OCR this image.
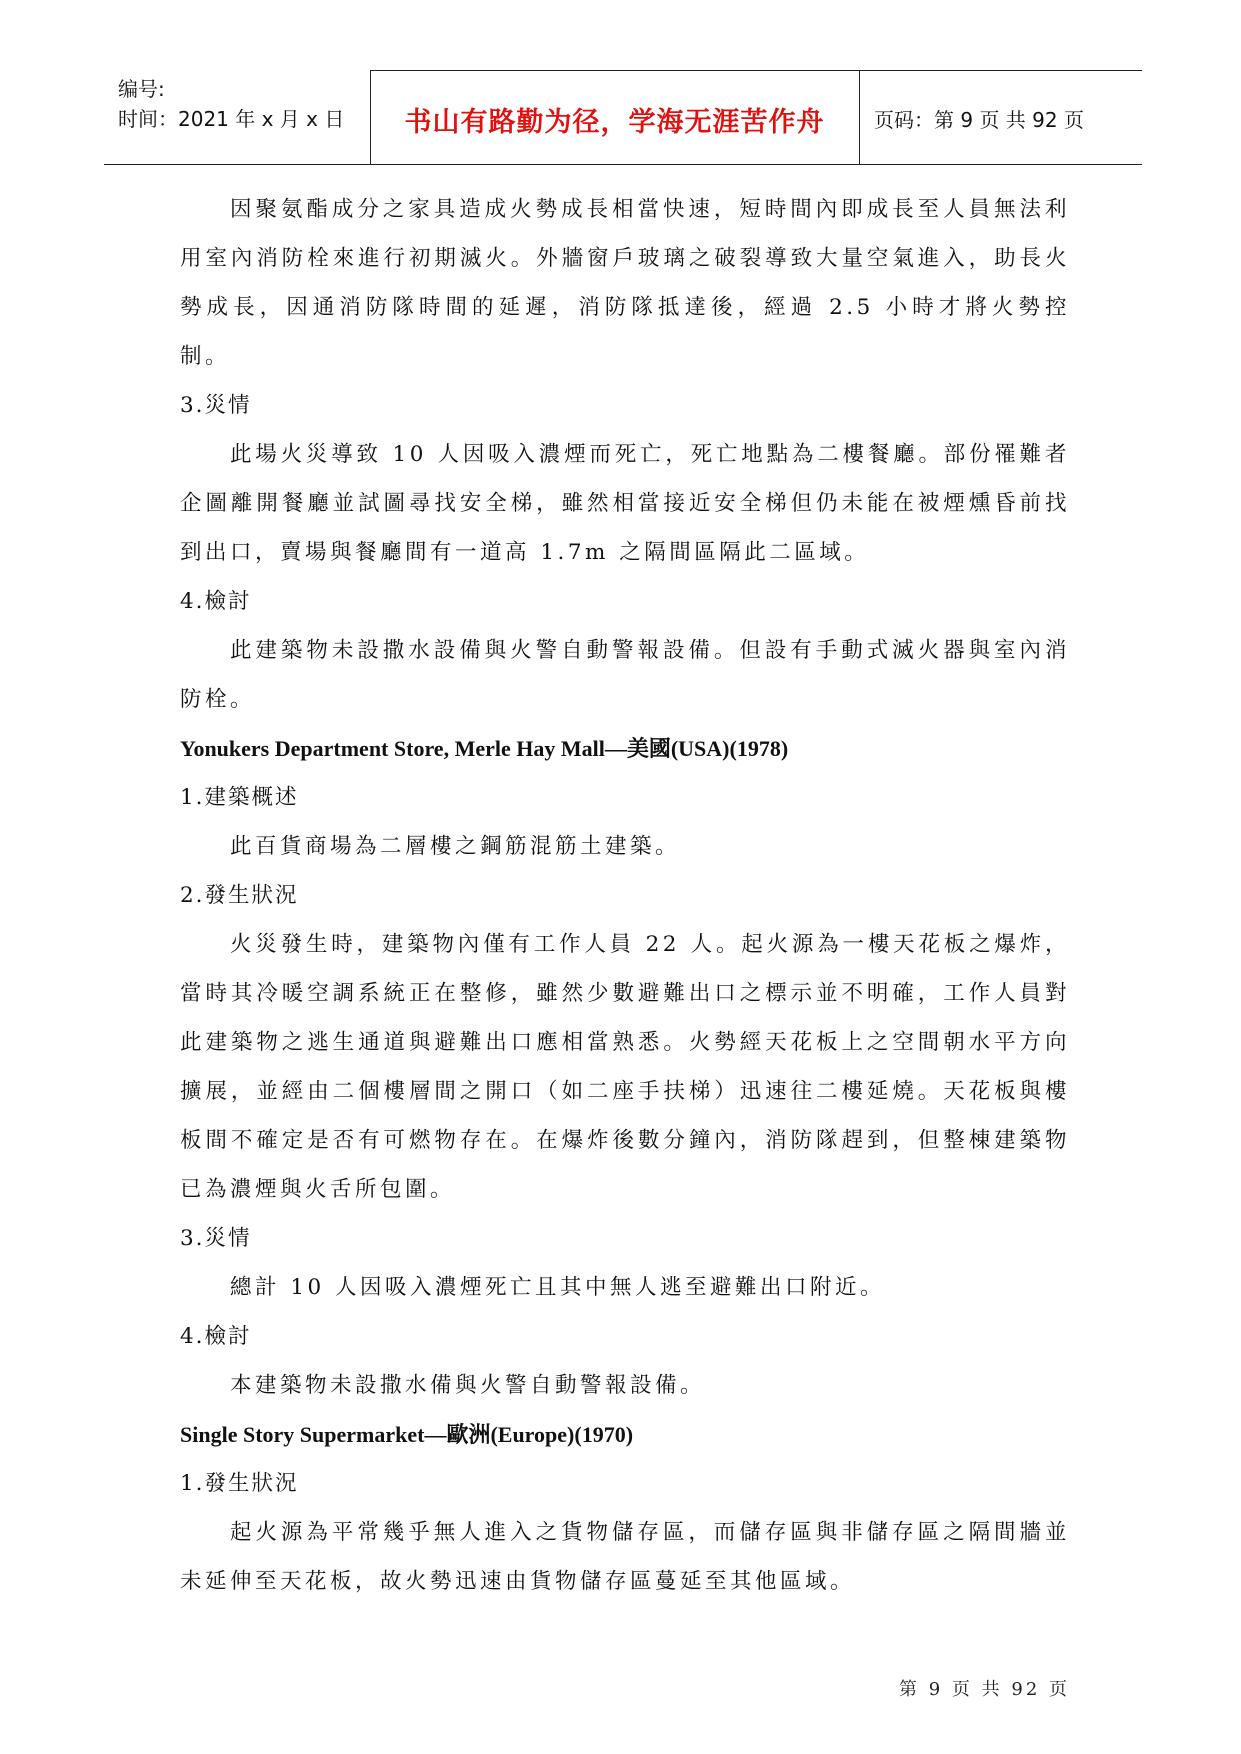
编号:
时间：2021 年 x 月 x 日	书山有路勤为径，学海无涯苦作舟	页码：第 9 页 共 92 页

因聚氨酯成分之家具造成火勢成長相當快速，短時間內即成長至人員無法利用室內消防栓來進行初期滅火。外牆窗戶玻璃之破裂導致大量空氣進入，助長火勢成長，因通消防隊時間的延遲，消防隊抵達後，經過 2.5 小時才將火勢控制。

3.災情

此場火災導致 10 人因吸入濃煙而死亡，死亡地點為二樓餐廳。部份罹難者企圖離開餐廳並試圖尋找安全梯，雖然相當接近安全梯但仍未能在被煙燻昏前找到出口，賣場與餐廳間有一道高 1.7m 之隔間區隔此二區域。

4.檢討

此建築物未設撒水設備與火警自動警報設備。但設有手動式滅火器與室內消防栓。

Yonukers Department Store, Merle Hay Mall—美國(USA)(1978)

1.建築概述

此百貨商場為二層樓之鋼筋混筋土建築。

2.發生狀況

火災發生時，建築物內僅有工作人員 22 人。起火源為一樓天花板之爆炸，當時其冷暖空調系統正在整修，雖然少數避難出口之標示並不明確，工作人員對此建築物之逃生通道與避難出口應相當熟悉。火勢經天花板上之空間朝水平方向擴展，並經由二個樓層間之開口（如二座手扶梯）迅速往二樓延燒。天花板與樓板間不確定是否有可燃物存在。在爆炸後數分鐘內，消防隊趕到，但整棟建築物已為濃煙與火舌所包圍。

3.災情

總計 10 人因吸入濃煙死亡且其中無人逃至避難出口附近。

4.檢討

本建築物未設撒水備與火警自動警報設備。

Single Story Supermarket—歐洲(Europe)(1970)

1.發生狀況

起火源為平常幾乎無人進入之貨物儲存區，而儲存區與非儲存區之隔間牆並未延伸至天花板，故火勢迅速由貨物儲存區蔓延至其他區域。

第 9 页 共 92 页
